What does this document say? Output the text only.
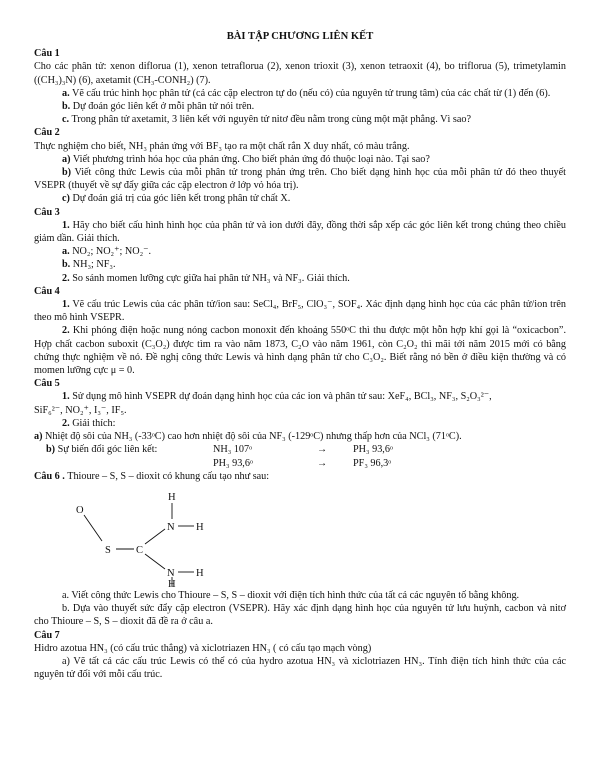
BÀI TẬP CHƯƠNG LIÊN KẾT
Câu 1

Cho các phân tử: xenon diflorua (1), xenon tetraflorua (2), xenon trioxit (3), xenon tetraoxit (4), bo triflorua (5), trimetylamin ((CH₃)₃N) (6), axetamit (CH₃-CONH₂) (7).

a. Vẽ cấu trúc hình học phân tử (cả các cặp electron tự do (nếu có) của nguyên tử trung tâm) của các chất từ (1) đến (6).

b. Dự đoán góc liên kết ở mỗi phân tử nói trên.

c. Trong phân tử axetamit, 3 liên kết với nguyên tử nitơ đều nằm trong cùng một mặt phẳng. Vì sao?

Câu 2

Thực nghiệm cho biết, NH₃ phản ứng với BF₃ tạo ra một chất rắn X duy nhất, có màu trắng.

a) Viết phương trình hóa học của phản ứng. Cho biết phản ứng đó thuộc loại nào. Tại sao?

b) Viết công thức Lewis của mỗi phân tử trong phản ứng trên. Cho biết dạng hình học của mỗi phân tử đó theo thuyết VSEPR (thuyết về sự đẩy giữa các cặp electron ở lớp vỏ hóa trị).

c) Dự đoán giá trị của góc liên kết trong phân tử chất X.

Câu 3

1. Hãy cho biết cấu hình hình học của phân tử và ion dưới đây, đồng thời sắp xếp các góc liên kết trong chúng theo chiều giảm dần. Giải thích.

a. NO₂; NO₂⁺; NO₂⁻.

b. NH₃; NF₃.

2. So sánh momen lưỡng cực giữa hai phân tử NH₃ và NF₃. Giải thích.

Câu 4

1. Vẽ cấu trúc Lewis của các phân tử/ion sau: SeCl₄, BrF₅, ClO₃⁻, SOF₄. Xác định dạng hình học của các phân tử/ion trên theo mô hình VSEPR.

2. Khi phóng điện hoặc nung nóng cacbon monoxit đến khoảng 550ᵒC thì thu được một hỗn hợp khí gọi là “oxicacbon”. Hợp chất cacbon suboxit (C₃O₂) được tìm ra vào năm 1873, C₂O vào năm 1961, còn C₂O₂ thì mãi tới năm 2015 mới có bằng chứng thực nghiệm về nó. Đề nghị công thức Lewis và hình dạng phân tử cho C₃O₂. Biết rằng nó bền ở điều kiện thường và có momen lưỡng cực μ = 0.

Câu 5

1. Sử dụng mô hình VSEPR dự đoán dạng hình học của các ion và phân tử sau: XeF₄, BCl₃, NF₃, S₂O₃²⁻,

SiF₆²⁻, NO₂⁺, I₃⁻, IF₅.

2. Giải thích:

a) Nhiệt độ sôi của NH₃ (-33ᵒC) cao hơn nhiệt độ sôi của NF₃ (-129ᵒC) nhưng thấp hơn của NCl₃ (71ᵒC).

b) Sự biến đổi góc liên kết:	NH₃ 107ᵒ	→	PH₃ 93,6ᵒ
PH₃ 93,6ᵒ	→	PF₃ 96,3ᵒ

Câu 6 . Thioure – S, S – dioxit có khung cấu tạo như sau:

O
S C
N
N
H
H
H
H

a. Viết công thức Lewis cho Thioure – S, S – dioxit với điện tích hình thức của tất cả các nguyên tố bằng không.

b. Dựa vào thuyết sức đẩy cặp electron (VSEPR). Hãy xác định dạng hình học của nguyên tử lưu huỳnh, cacbon và nitơ cho Thioure – S, S – dioxit đã đề ra ở câu a.

Câu 7

Hidro azotua HN₃ (có cấu trúc thẳng) và xiclotriazen HN₃ ( có cấu tạo mạch vòng)

a) Vẽ tất cả các cấu trúc Lewis có thể có của hydro azotua HN₃ và xiclotriazen HN₃. Tính điện tích hình thức của các nguyên tử đối với mỗi cấu trúc.
